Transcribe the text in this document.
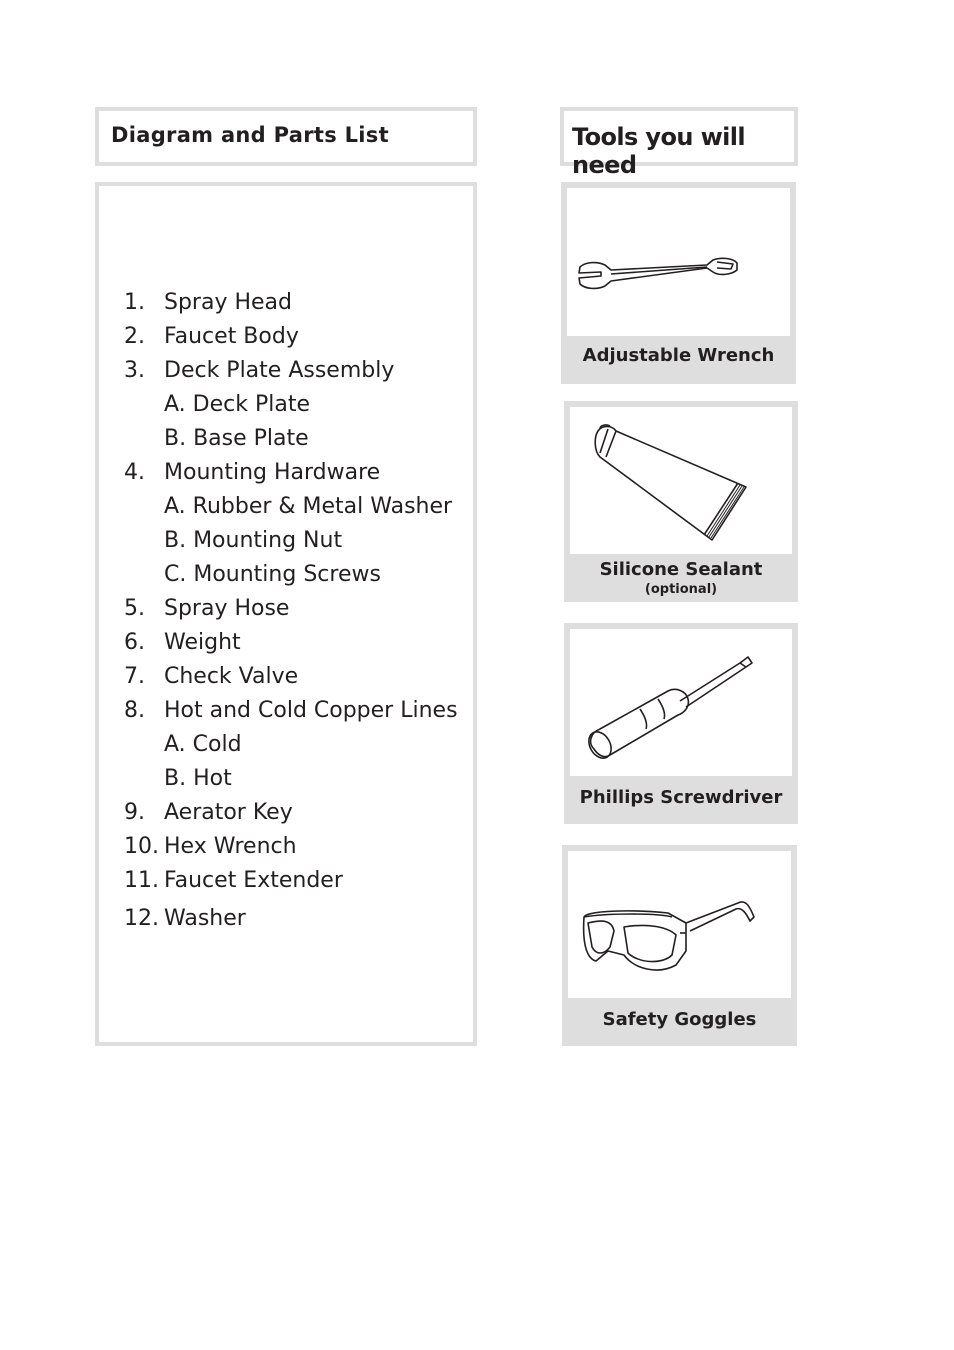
Diagram and Parts List
1. Spray Head
2. Faucet Body
3. Deck Plate Assembly
A. Deck Plate
B. Base Plate
4. Mounting Hardware
A. Rubber & Metal Washer
B. Mounting Nut
C. Mounting Screws
5. Spray Hose
6. Weight
7. Check Valve
8. Hot and Cold Copper Lines
A. Cold
B. Hot
9. Aerator Key
10. Hex Wrench
11. Faucet Extender
12. Washer
Tools you will need
Adjustable Wrench
Silicone Sealant
(optional)
Phillips Screwdriver
Safety Goggles
